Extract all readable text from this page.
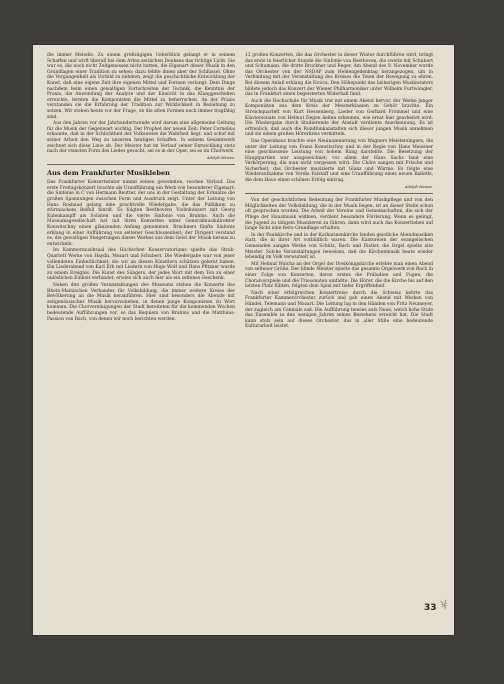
die immer Melodie. Zu einem großzügigen Ueberblick gelangt er in seinem Schaffen und wirft überall bei dem Arten zeitlichen Denkens das richtige Licht. Sie war es, die noch nicht Zeitgenossen nicht hatten, die Eigenart dieser Musik in den Grundlagen einer Tradition zu sehen; dazu fehlte ihnen aber der Schlüssel. Ohne die Vergangenheit als Vorbild zu nehmen, zeigt die geschichtliche Entwicklung der Kunst, daß eine eigene Zeit ihre eigenen Mittel und Formen verlangt. Dem Dinge nachdem beim einen gewaltigen Fortschreiten der Technik, die Kenntnis der Praxis, die Anwendung der Analyse und der Einsicht in das Klanggeschehen erreichte, lernten die Komponisten die Mittel zu beherrschen. An der Praxis verstanden sie die Erfahrung der Tradition zur Wirklichkeit in Beziehung zu setzen. Wir stehen heute vor der Frage, ob die alten Formen noch immer tragfähig sind.

Aus den Jahren vor der Jahrhundertwende wird darum eine allgemeine Geltung für die Musik der Gegenwart wichtig. Der Prophet der neuen Zeit: Peter Cornelius erkannte, daß in der Schlichtheit der Volksweise die Wahrheit liegt, und schuf mit seiner Arbeit den Weg zu unserem heutigen Schaffen. In seinem Gesamtwerk zeichnet sich diese Linie ab. Der Meister hat im Verlauf seiner Entwicklung stets nach der reinsten Form des Liedes gesucht, sei es in der Oper, sei es im Chorwerk.

Adolph Mewes.
Aus dem Frankfurter Musikleben

Das Frankfurter Konzertwinter nimmt seinen gewohnten, reichen Verlauf. Das erste Freitagskonzert brachte als Uraufführung ein Werk von besonderer Eigenart: die Sinfonie in C von Hermann Reutter, der uns in der Gestaltung der Ecksätze die großen Spannungen zwischen Form und Ausdruck zeigt. Unter der Leitung von Hans Rosbaud gelang eine prachtvolle Wiedergabe, die das Publikum zu stürmischem Beifall hinriß. Es folgten Beethovens Violinkonzert mit Georg Kulenkampff als Solisten und die vierte Sinfonie von Brahms. Auch die Museumsgesellschaft hat mit ihren Konzerten unter Generalmusikdirektor Konwitschny einen glänzenden Anfang genommen. Bruckners fünfte Sinfonie erklang in einer Aufführung von seltener Geschlossenheit; der Dirigent verstand es, die gewaltigen Steigerungen dieses Werkes aus dem Geist der Musik heraus zu entwickeln.

Im Kammermusiksaal des Hochschen Konservatoriums spielte das Strub-Quartett Werke von Haydn, Mozart und Schubert. Die Wiedergabe war von jener vollendeten Einheitlichkeit, die wir an diesen Künstlern schätzen gelernt haben. Ein Liederabend von Karl Erb mit Liedern von Hugo Wolf und Hans Pfitzner wurde zu einem Ereignis. Die Kunst des Sängers, der jedes Wort mit dem Ton zu einer unlöslichen Einheit verbindet, erwies sich auch hier als ein seltenes Geschenk.

Neben den großen Veranstaltungen des Museums stehen die Konzerte des Rhein-Mainischen Verbandes für Volksbildung, die immer weitere Kreise der Bevölkerung an die Musik heranführen. Hier sind besonders die Abende mit zeitgenössischer Musik hervorzuheben, in denen junge Komponisten zu Wort kommen. Die Chorvereinigungen der Stadt bereiteten für die kommenden Wochen bedeutende Aufführungen vor, so das Requiem von Brahms und die Matthäus-Passion von Bach, von denen wir noch berichten werden.

12 großen Konzerten, die das Orchester in dieser Winter durchführen wird, bringt das erste in feierlicher Stunde die Sinfonie von Beethoven, die zweite mit Schubert und Schumann, die dritte Bruckner und Reger. Am Abend des 9. November wurde das Orchester von der NSDAP zum Heldengedenktag herangezogen, um in Verbindung mit der Veranstaltung des Kreises die Toten der Bewegung zu ehren. Bei diesem Anlaß erklang die Eroica. Den Höhepunkt des bisherigen Musikwinters bildete jedoch das Konzert der Wiener Philharmoniker unter Wilhelm Furtwängler, das in Frankfurt einen begeisterten Widerhall fand.

Auch die Hochschule für Musik trat mit einem Abend hervor, der Werke junger Komponisten aus dem Kreis der Meisterklassen zu Gehör brachte. Ein Streichquartett von Kurt Hessenberg, Lieder von Gerhard Frommel und eine Klaviersonate von Helmut Degen ließen erkennen, wie ernst hier gearbeitet wird. Die Wiedergabe durch Studierende der Anstalt verdiente Anerkennung. Es ist erfreulich, daß auch die Rundfunkanstalten sich dieser jungen Musik annehmen und sie einem großen Hörerkreis vermitteln.

Das Opernhaus brachte eine Neuinszenierung von Wagners Meistersingern, die unter der Leitung von Franz Konwitschny und in der Regie von Hans Meissner eine geschlossene Leistung von hohem Rang darstellte. Die Besetzung der Hauptpartien war ausgezeichnet; vor allem der Hans Sachs fand eine Verkörperung, die man nicht vergessen wird. Die Chöre sangen mit Frische und Sicherheit, das Orchester musizierte mit Glanz und Wärme. Es folgte eine Wiederaufnahme von Verdis Falstaff und eine Uraufführung eines neuen Balletts, die dem Haus einen schönen Erfolg eintrug.

Adolph Mewes.

Von der geschichtlichen Bedeutung der Frankfurter Musikpflege und von den Möglichkeiten der Volksbildung, die in der Musik liegen, ist an dieser Stelle schon oft gesprochen worden. Die Arbeit der Vereine und Gemeinschaften, die sich der Pflege der Hausmusik widmen, verdient besondere Förderung. Wenn es gelingt, die Jugend zu tätigem Musizieren zu führen, dann wird auch das Konzertleben auf lange Sicht eine feste Grundlage erhalten.

In der Paulskirche und in der Katharinenkirche fanden geistliche Abendmusiken statt, die in ihrer Art vorbildlich waren. Die Kantoreien der evangelischen Gemeinden sangen Werke von Schütz, Bach und Distler, die Orgel spielte alte Meister. Solche Veranstaltungen beweisen, daß die Kirchenmusik heute wieder lebendig im Volk verwurzelt ist.

Mit Helmut Walcha an der Orgel der Dreikönigskirche erlebte man einen Abend von seltener Größe. Der blinde Meister spielte das gesamte Orgelwerk von Bach in einer Folge von Konzerten, deren erstes die Präludien und Fugen, die Choralvorspiele und die Triosonaten umfaßte. Die Hörer, die die Kirche bis auf den letzten Platz füllten, folgten dem Spiel mit tiefer Ergriffenheit.

Nach einer erfolgreichen Konzertreise durch die Schweiz kehrte das Frankfurter Kammerorchester zurück und gab einen Abend mit Werken von Händel, Telemann und Mozart. Die Leitung lag in den Händen von Fritz Neumeyer, der zugleich am Cembalo saß. Die Aufführung bewies aufs Neue, welch hohe Stufe das Ensemble in den wenigen Jahren seines Bestehens erreicht hat. Die Stadt kann stolz sein auf dieses Orchester, das in aller Stille eine bedeutende Kulturarbeit leistet.

33 ¥
